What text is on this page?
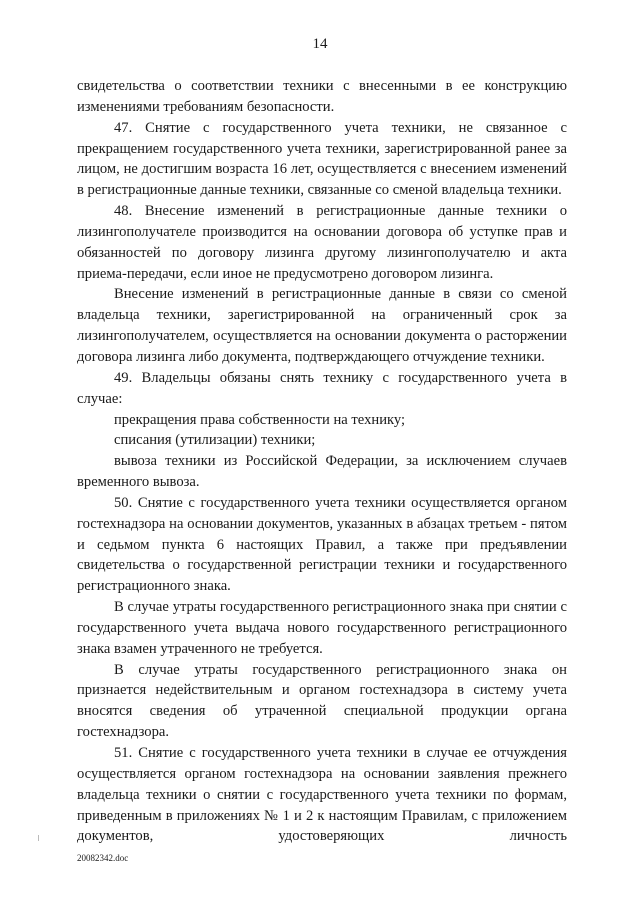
14

свидетельства о соответствии техники с внесенными в ее конструкцию изменениями требованиям безопасности.

47. Снятие с государственного учета техники, не связанное с прекращением государственного учета техники, зарегистрированной ранее за лицом, не достигшим возраста 16 лет, осуществляется с внесением изменений в регистрационные данные техники, связанные со сменой владельца техники.

48. Внесение изменений в регистрационные данные техники о лизингополучателе производится на основании договора об уступке прав и обязанностей по договору лизинга другому лизингополучателю и акта приема-передачи, если иное не предусмотрено договором лизинга.

Внесение изменений в регистрационные данные в связи со сменой владельца техники, зарегистрированной на ограниченный срок за лизингополучателем, осуществляется на основании документа о расторжении договора лизинга либо документа, подтверждающего отчуждение техники.

49. Владельцы обязаны снять технику с государственного учета в случае:

прекращения права собственности на технику;

списания (утилизации) техники;

вывоза техники из Российской Федерации, за исключением случаев временного вывоза.

50. Снятие с государственного учета техники осуществляется органом гостехнадзора на основании документов, указанных в абзацах третьем - пятом и седьмом пункта 6 настоящих Правил, а также при предъявлении свидетельства о государственной регистрации техники и государственного регистрационного знака.

В случае утраты государственного регистрационного знака при снятии с государственного учета выдача нового государственного регистрационного знака взамен утраченного не требуется.

В случае утраты государственного регистрационного знака он признается недействительным и органом гостехнадзора в систему учета вносятся сведения об утраченной специальной продукции органа гостехнадзора.

51. Снятие с государственного учета техники в случае ее отчуждения осуществляется органом гостехнадзора на основании заявления прежнего владельца техники о снятии с государственного учета техники по формам, приведенным в приложениях № 1 и 2 к настоящим Правилам, с приложением документов, удостоверяющих личность

20082342.doc
